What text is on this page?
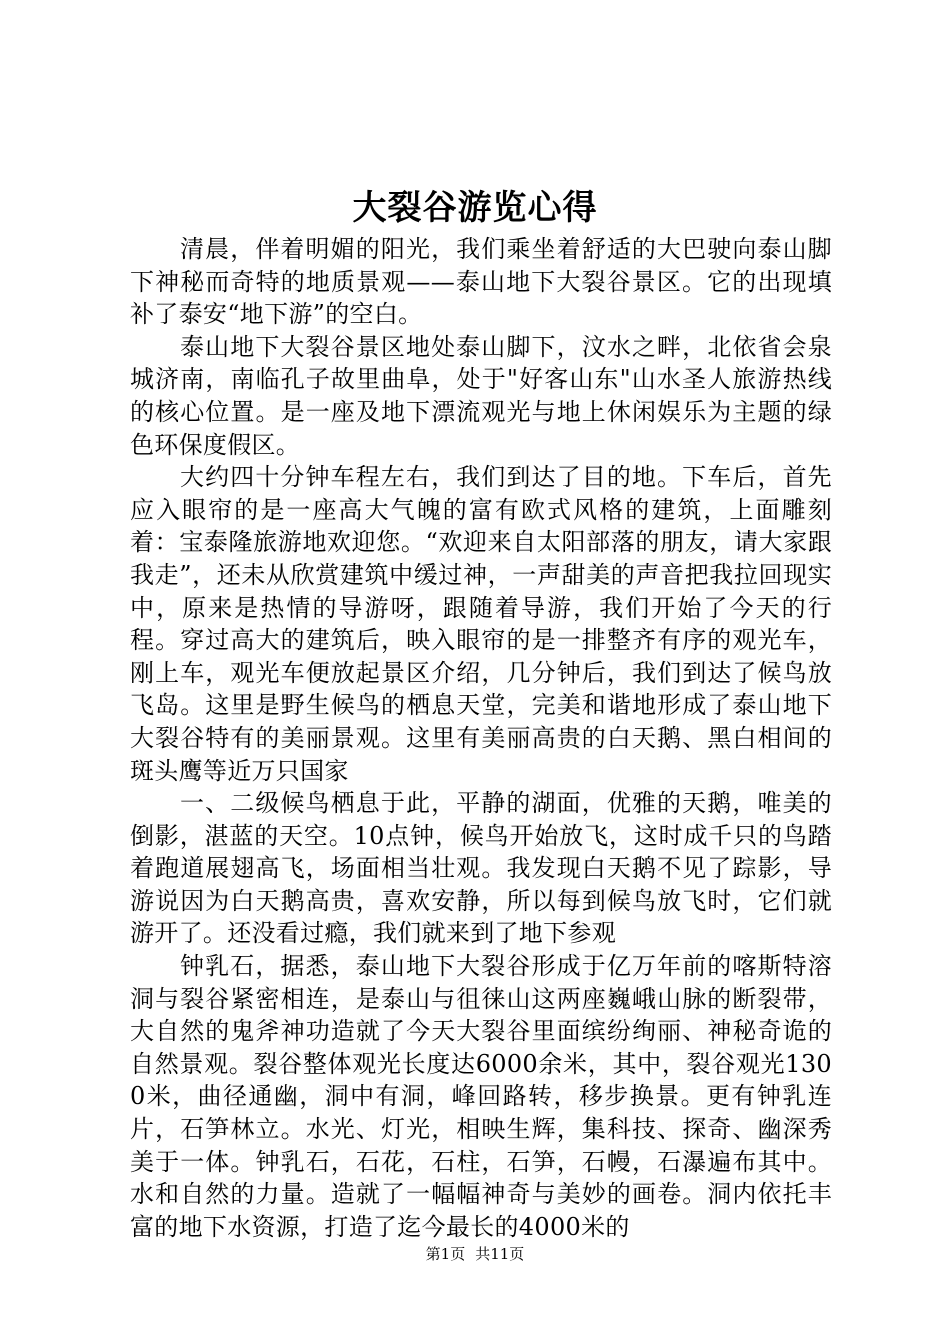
大裂谷游览心得

清晨，伴着明媚的阳光，我们乘坐着舒适的大巴驶向泰山脚下神秘而奇特的地质景观——泰山地下大裂谷景区。它的出现填补了泰安“地下游”的空白。

泰山地下大裂谷景区地处泰山脚下，汶水之畔，北依省会泉城济南，南临孔子故里曲阜，处于"好客山东"山水圣人旅游热线的核心位置。是一座及地下漂流观光与地上休闲娱乐为主题的绿色环保度假区。

大约四十分钟车程左右，我们到达了目的地。下车后，首先应入眼帘的是一座高大气魄的富有欧式风格的建筑，上面雕刻着：宝泰隆旅游地欢迎您。“欢迎来自太阳部落的朋友，请大家跟我走”，还未从欣赏建筑中缓过神，一声甜美的声音把我拉回现实中，原来是热情的导游呀，跟随着导游，我们开始了今天的行程。穿过高大的建筑后，映入眼帘的是一排整齐有序的观光车，刚上车，观光车便放起景区介绍，几分钟后，我们到达了候鸟放飞岛。这里是野生候鸟的栖息天堂，完美和谐地形成了泰山地下大裂谷特有的美丽景观。这里有美丽高贵的白天鹅、黑白相间的斑头鹰等近万只国家

一、二级候鸟栖息于此，平静的湖面，优雅的天鹅，唯美的倒影，湛蓝的天空。10点钟，候鸟开始放飞，这时成千只的鸟踏着跑道展翅高飞，场面相当壮观。我发现白天鹅不见了踪影，导游说因为白天鹅高贵，喜欢安静，所以每到候鸟放飞时，它们就游开了。还没看过瘾，我们就来到了地下参观

钟乳石，据悉，泰山地下大裂谷形成于亿万年前的喀斯特溶洞与裂谷紧密相连，是泰山与徂徕山这两座巍峨山脉的断裂带，大自然的鬼斧神功造就了今天大裂谷里面缤纷绚丽、神秘奇诡的自然景观。裂谷整体观光长度达6000余米，其中，裂谷观光1300米，曲径通幽，洞中有洞，峰回路转，移步换景。更有钟乳连片，石笋林立。水光、灯光，相映生辉，集科技、探奇、幽深秀美于一体。钟乳石，石花，石柱，石笋，石幔，石瀑遍布其中。水和自然的力量。造就了一幅幅神奇与美妙的画卷。洞内依托丰富的地下水资源，打造了迄今最长的4000米的

第1页 共11页
